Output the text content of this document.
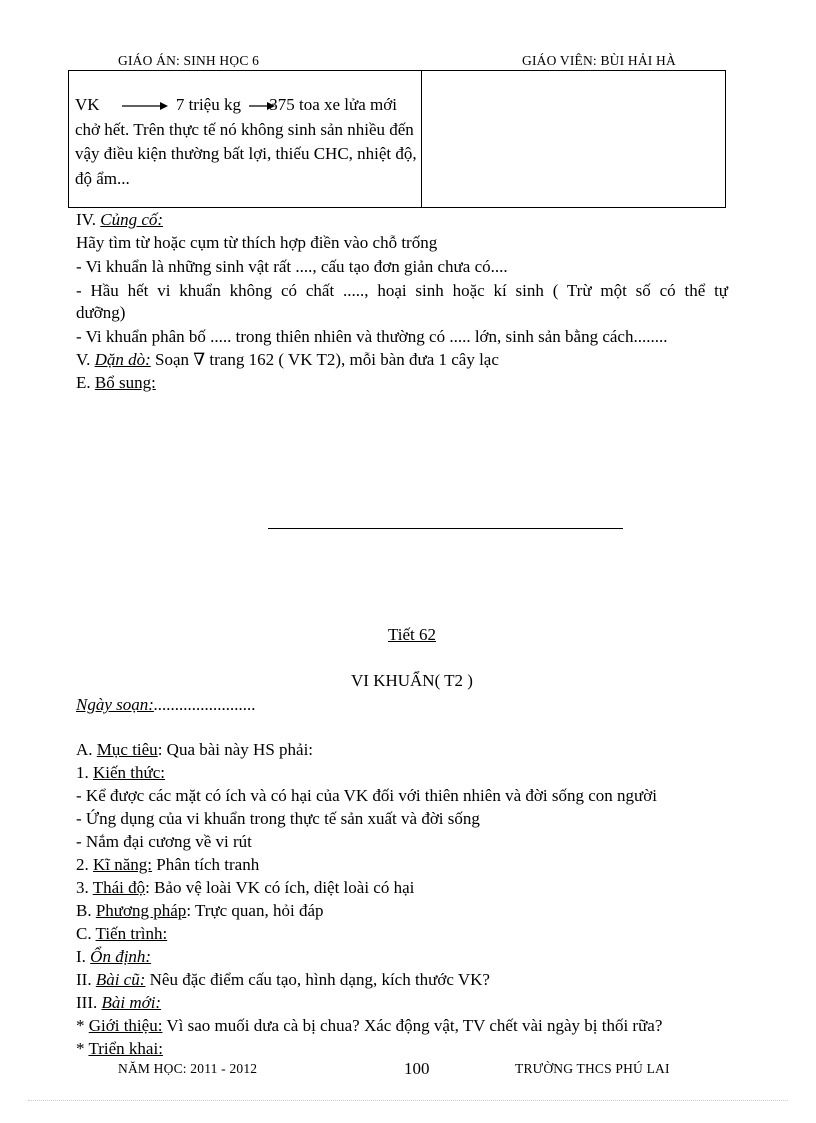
GIÁO ÁN: SINH HỌC 6	GIÁO VIÊN: BÙI HẢI HÀ
VK	7 triệu kg 375 toa xe lửa mới chở hết. Trên thực tế nó không sinh sản nhiều đến vậy điều kiện thường bất lợi, thiếu CHC, nhiệt độ, độ ẩm...

IV. Củng cố:
Hãy tìm từ hoặc cụm từ thích hợp điền vào chỗ trống
- Vi khuẩn là những sinh vật rất ...., cấu tạo đơn giản chưa có....
- Hầu hết vi khuẩn không có chất ....., hoại sinh hoặc kí sinh ( Trừ một số có thể tự
dưỡng)
- Vi khuẩn phân bố ..... trong thiên nhiên và thường có ..... lớn, sinh sản bằng cách........
V. Dặn dò: Soạn ∇ trang 162 ( VK T2), mỗi bàn đưa 1 cây lạc
E. Bổ sung:
Tiết 62
VI KHUẨN( T2 )
Ngày soạn:........................
A. Mục tiêu: Qua bài này HS phải:
1. Kiến thức:
- Kể được các mặt có ích và có hại của VK đối với thiên nhiên và đời sống con người
- Ứng dụng của vi khuẩn trong thực tế sản xuất và đời sống
- Nắm đại cương về vi rút
2. Kĩ năng: Phân tích tranh
3. Thái độ: Bảo vệ loài VK có ích, diệt loài có hại
B. Phương pháp: Trực quan, hỏi đáp
C. Tiến trình:
I. Ổn định:
II. Bài cũ: Nêu đặc điểm cấu tạo, hình dạng, kích thước VK?
III. Bài mới:
* Giới thiệu: Vì sao muối dưa cà bị chua? Xác động vật, TV chết vài ngày bị thối rữa?
* Triển khai:
NĂM HỌC: 2011 - 2012	100	TRƯỜNG THCS PHÚ LAI
